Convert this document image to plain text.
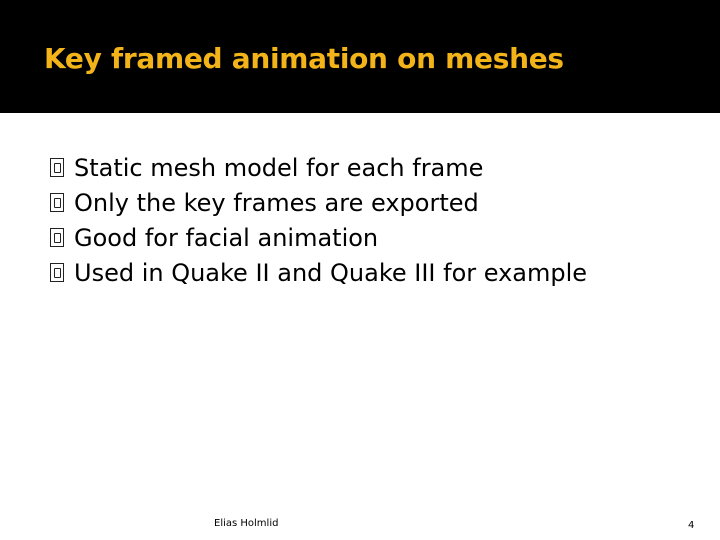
Key framed animation on meshes
Static mesh model for each frame
Only the key frames are exported
Good for facial animation
Used in Quake II and Quake III for example
Elias Holmlid	4
